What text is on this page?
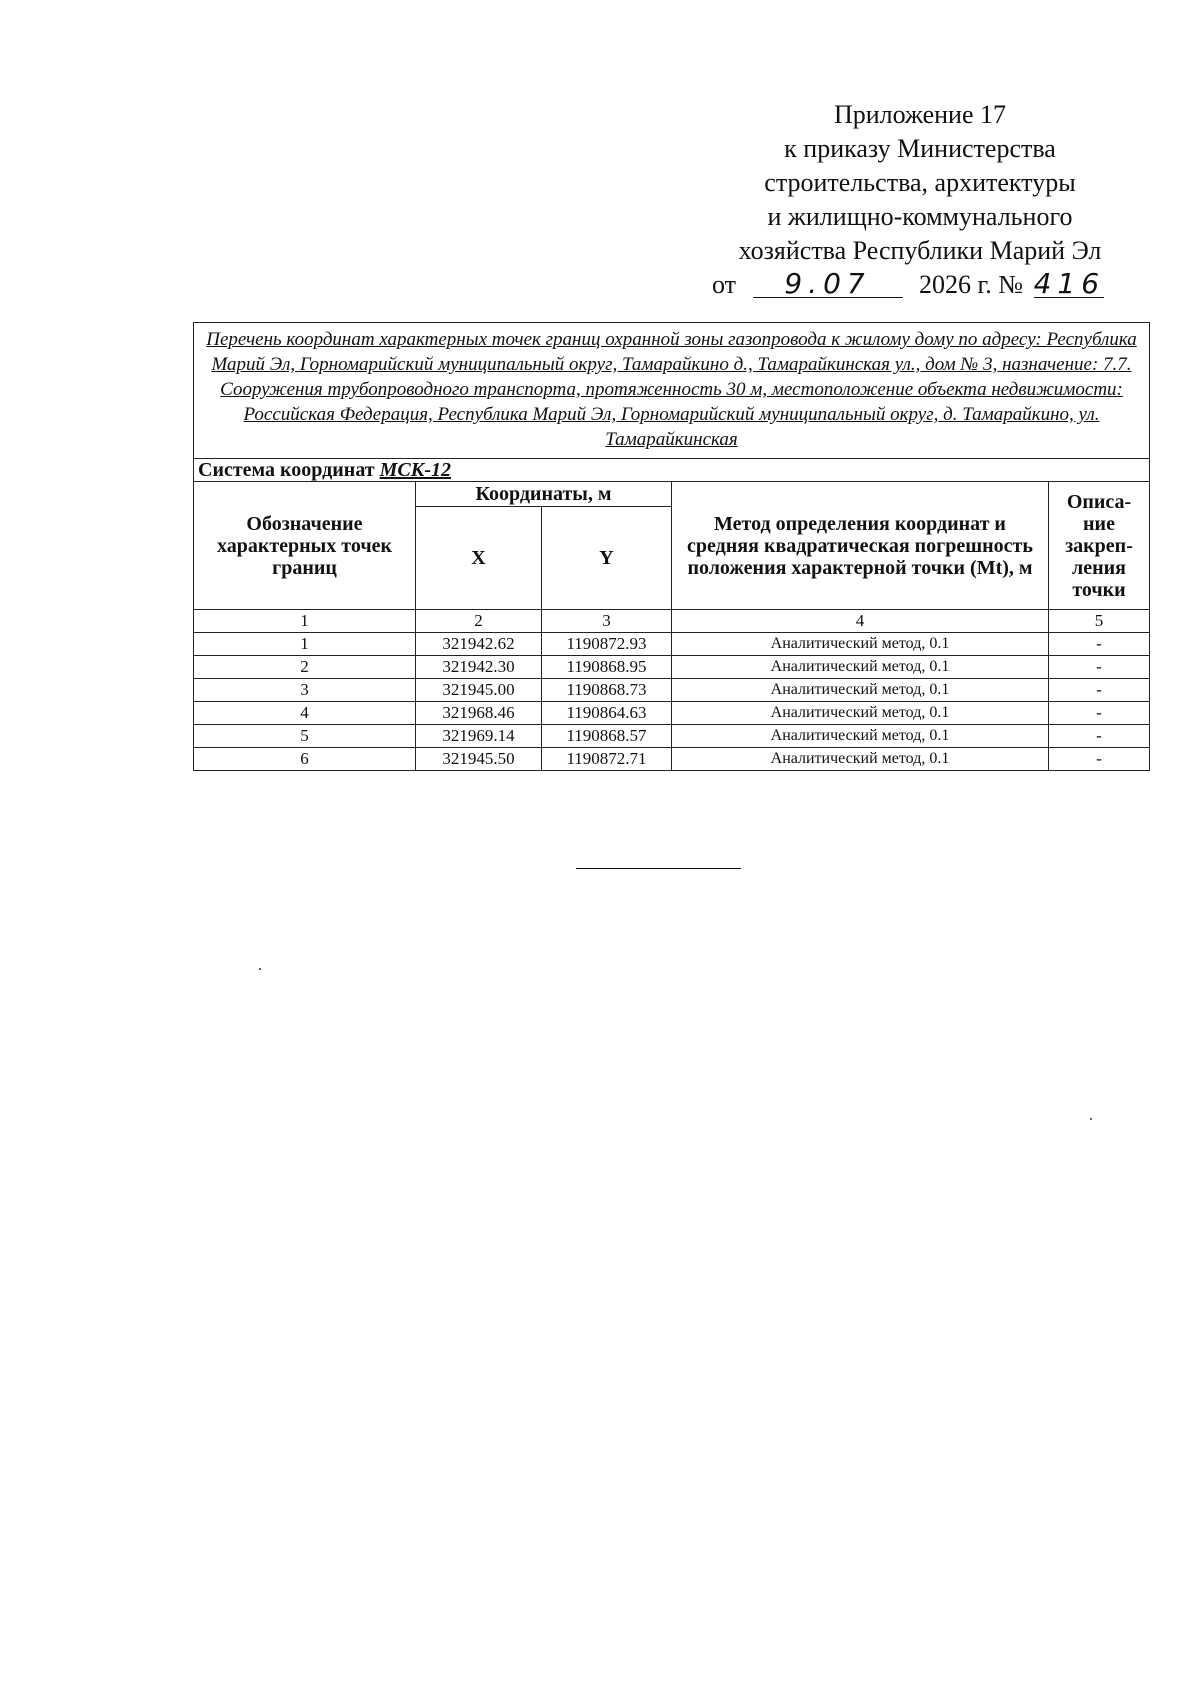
Приложение 17
к приказу Министерства
строительства, архитектуры
и жилищно-коммунального
хозяйства Республики Марий Эл
от 9.07 2026 г. № 416
Перечень координат характерных точек границ охранной зоны газопровода к жилому дому по адресу: Республика Марий Эл, Горномарийский муниципальный округ, Тамарайкино д., Тамарайкинская ул., дом № 3, назначение: 7.7. Сооружения трубопроводного транспорта, протяженность 30 м, местоположение объекта недвижимости: Российская Федерация, Республика Марий Эл, Горномарийский муниципальный округ, д. Тамарайкино, ул. Тамарайкинская				
Система координат МСК-12				
Обозначение характерных точек границ	Координаты, м		Метод определения координат и средняя квадратическая погрешность положения характерной точки (Mt), м	Описа-ние закреп-ления точки
	X	Y		
1	2	3	4	5
1	321942.62	1190872.93	Аналитический метод, 0.1	-
2	321942.30	1190868.95	Аналитический метод, 0.1	-
3	321945.00	1190868.73	Аналитический метод, 0.1	-
4	321968.46	1190864.63	Аналитический метод, 0.1	-
5	321969.14	1190868.57	Аналитический метод, 0.1	-
6	321945.50	1190872.71	Аналитический метод, 0.1	-
